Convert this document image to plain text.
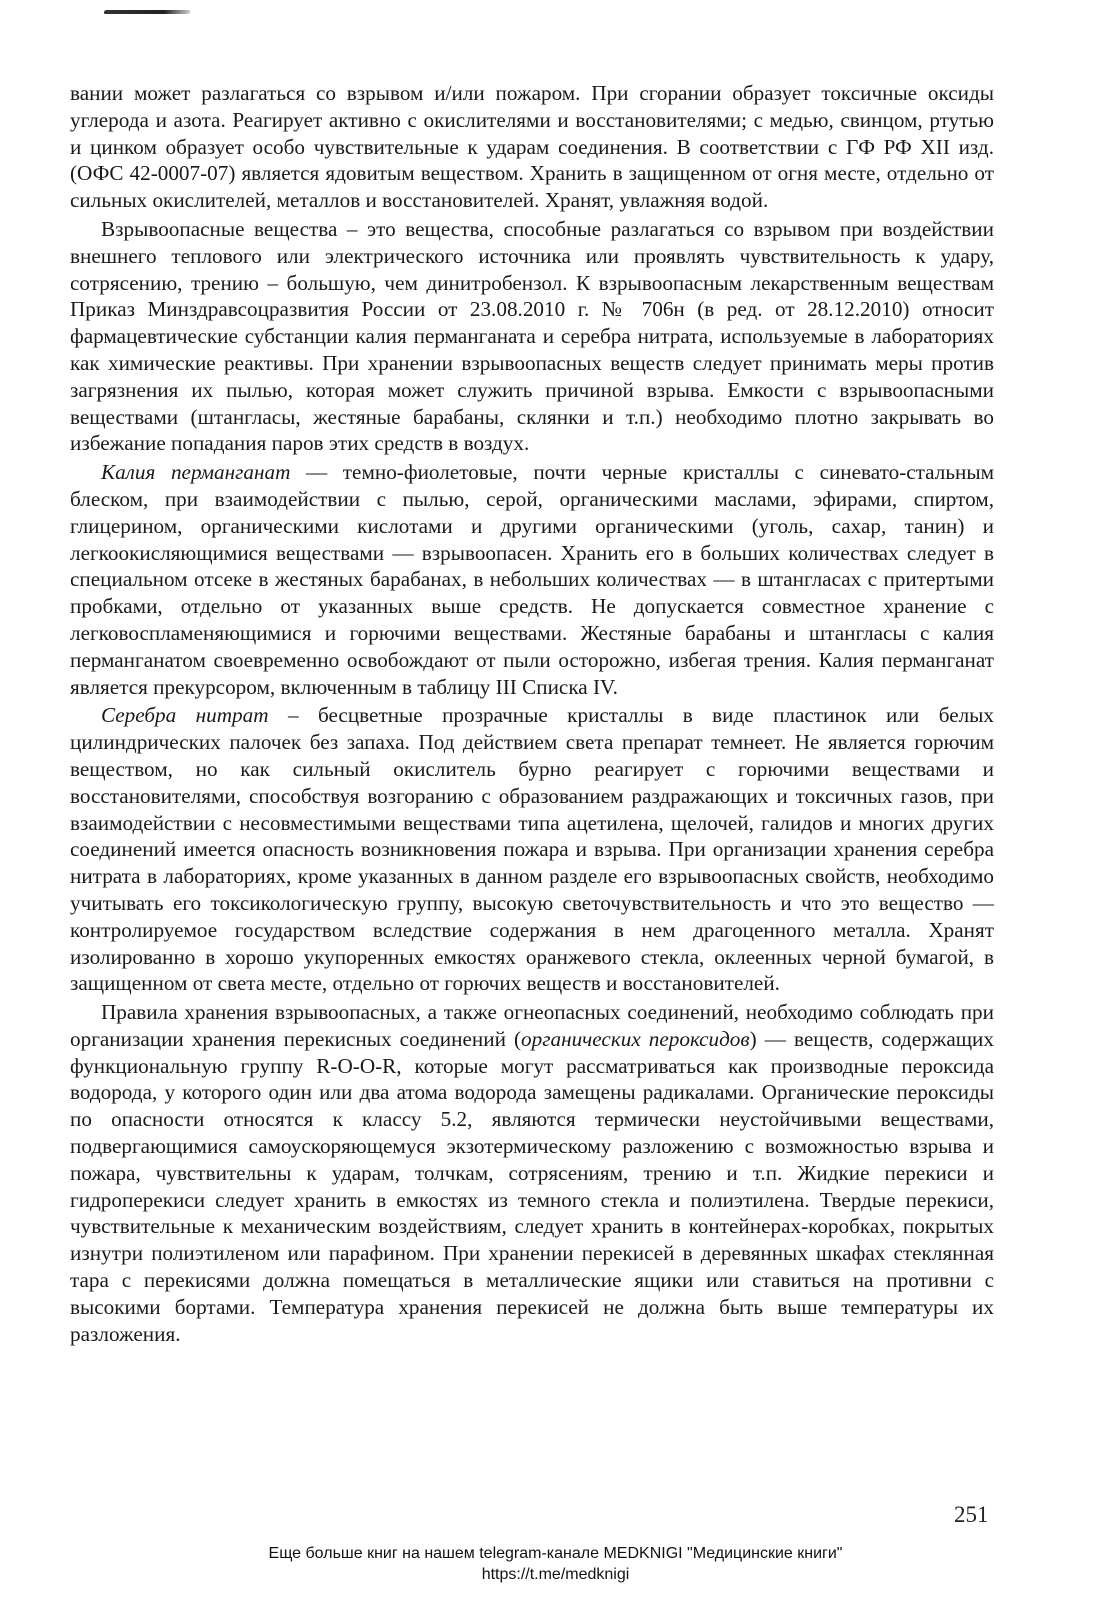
вании может разлагаться со взрывом и/или пожаром. При сгорании образует токсичные оксиды углерода и азота. Реагирует активно с окислителями и восстановителями; с медью, свинцом, ртутью и цинком образует особо чувствительные к ударам соединения. В соответствии с ГФ РФ XII изд. (ОФС 42-0007-07) является ядовитым веществом. Хранить в защищенном от огня месте, отдельно от сильных окислителей, металлов и восстановителей. Хранят, увлажняя водой.

Взрывоопасные вещества – это вещества, способные разлагаться со взрывом при воздействии внешнего теплового или электрического источника или проявлять чувствительность к удару, сотрясению, трению – большую, чем динитробензол. К взрывоопасным лекарственным веществам Приказ Минздравсоцразвития России от 23.08.2010 г. № 706н (в ред. от 28.12.2010) относит фармацевтические субстанции калия перманганата и серебра нитрата, используемые в лабораториях как химические реактивы. При хранении взрывоопасных веществ следует принимать меры против загрязнения их пылью, которая может служить причиной взрыва. Емкости с взрывоопасными веществами (штангласы, жестяные барабаны, склянки и т.п.) необходимо плотно закрывать во избежание попадания паров этих средств в воздух.

Калия перманганат — темно-фиолетовые, почти черные кристаллы с синевато-стальным блеском, при взаимодействии с пылью, серой, органическими маслами, эфирами, спиртом, глицерином, органическими кислотами и другими органическими (уголь, сахар, танин) и легкоокисляющимися веществами — взрывоопасен. Хранить его в больших количествах следует в специальном отсеке в жестяных барабанах, в небольших количествах — в штангласах с притертыми пробками, отдельно от указанных выше средств. Не допускается совместное хранение с легковоспламеняющимися и горючими веществами. Жестяные барабаны и штангласы с калия перманганатом своевременно освобождают от пыли осторожно, избегая трения. Калия перманганат является прекурсором, включенным в таблицу III Списка IV.

Серебра нитрат – бесцветные прозрачные кристаллы в виде пластинок или белых цилиндрических палочек без запаха. Под действием света препарат темнеет. Не является горючим веществом, но как сильный окислитель бурно реагирует с горючими веществами и восстановителями, способствуя возгоранию с образованием раздражающих и токсичных газов, при взаимодействии с несовместимыми веществами типа ацетилена, щелочей, галидов и многих других соединений имеется опасность возникновения пожара и взрыва. При организации хранения серебра нитрата в лабораториях, кроме указанных в данном разделе его взрывоопасных свойств, необходимо учитывать его токсикологическую группу, высокую светочувствительность и что это вещество — контролируемое государством вследствие содержания в нем драгоценного металла. Хранят изолированно в хорошо укупоренных емкостях оранжевого стекла, оклеенных черной бумагой, в защищенном от света месте, отдельно от горючих веществ и восстановителей.

Правила хранения взрывоопасных, а также огнеопасных соединений, необходимо соблюдать при организации хранения перекисных соединений (органических пероксидов) — веществ, содержащих функциональную группу R-O-O-R, которые могут рассматриваться как производные пероксида водорода, у которого один или два атома водорода замещены радикалами. Органические пероксиды по опасности относятся к классу 5.2, являются термически неустойчивыми веществами, подвергающимися самоускоряющемуся экзотермическому разложению с возможностью взрыва и пожара, чувствительны к ударам, толчкам, сотрясениям, трению и т.п. Жидкие перекиси и гидроперекиси следует хранить в емкостях из темного стекла и полиэтилена. Твердые перекиси, чувствительные к механическим воздействиям, следует хранить в контейнерах-коробках, покрытых изнутри полиэтиленом или парафином. При хранении перекисей в деревянных шкафах стеклянная тара с перекисями должна помещаться в металлические ящики или ставиться на противни с высокими бортами. Температура хранения перекисей не должна быть выше температуры их разложения.

251
Еще больше книг на нашем telegram-канале MEDKNIGI "Медицинские книги"
https://t.me/medknigi
